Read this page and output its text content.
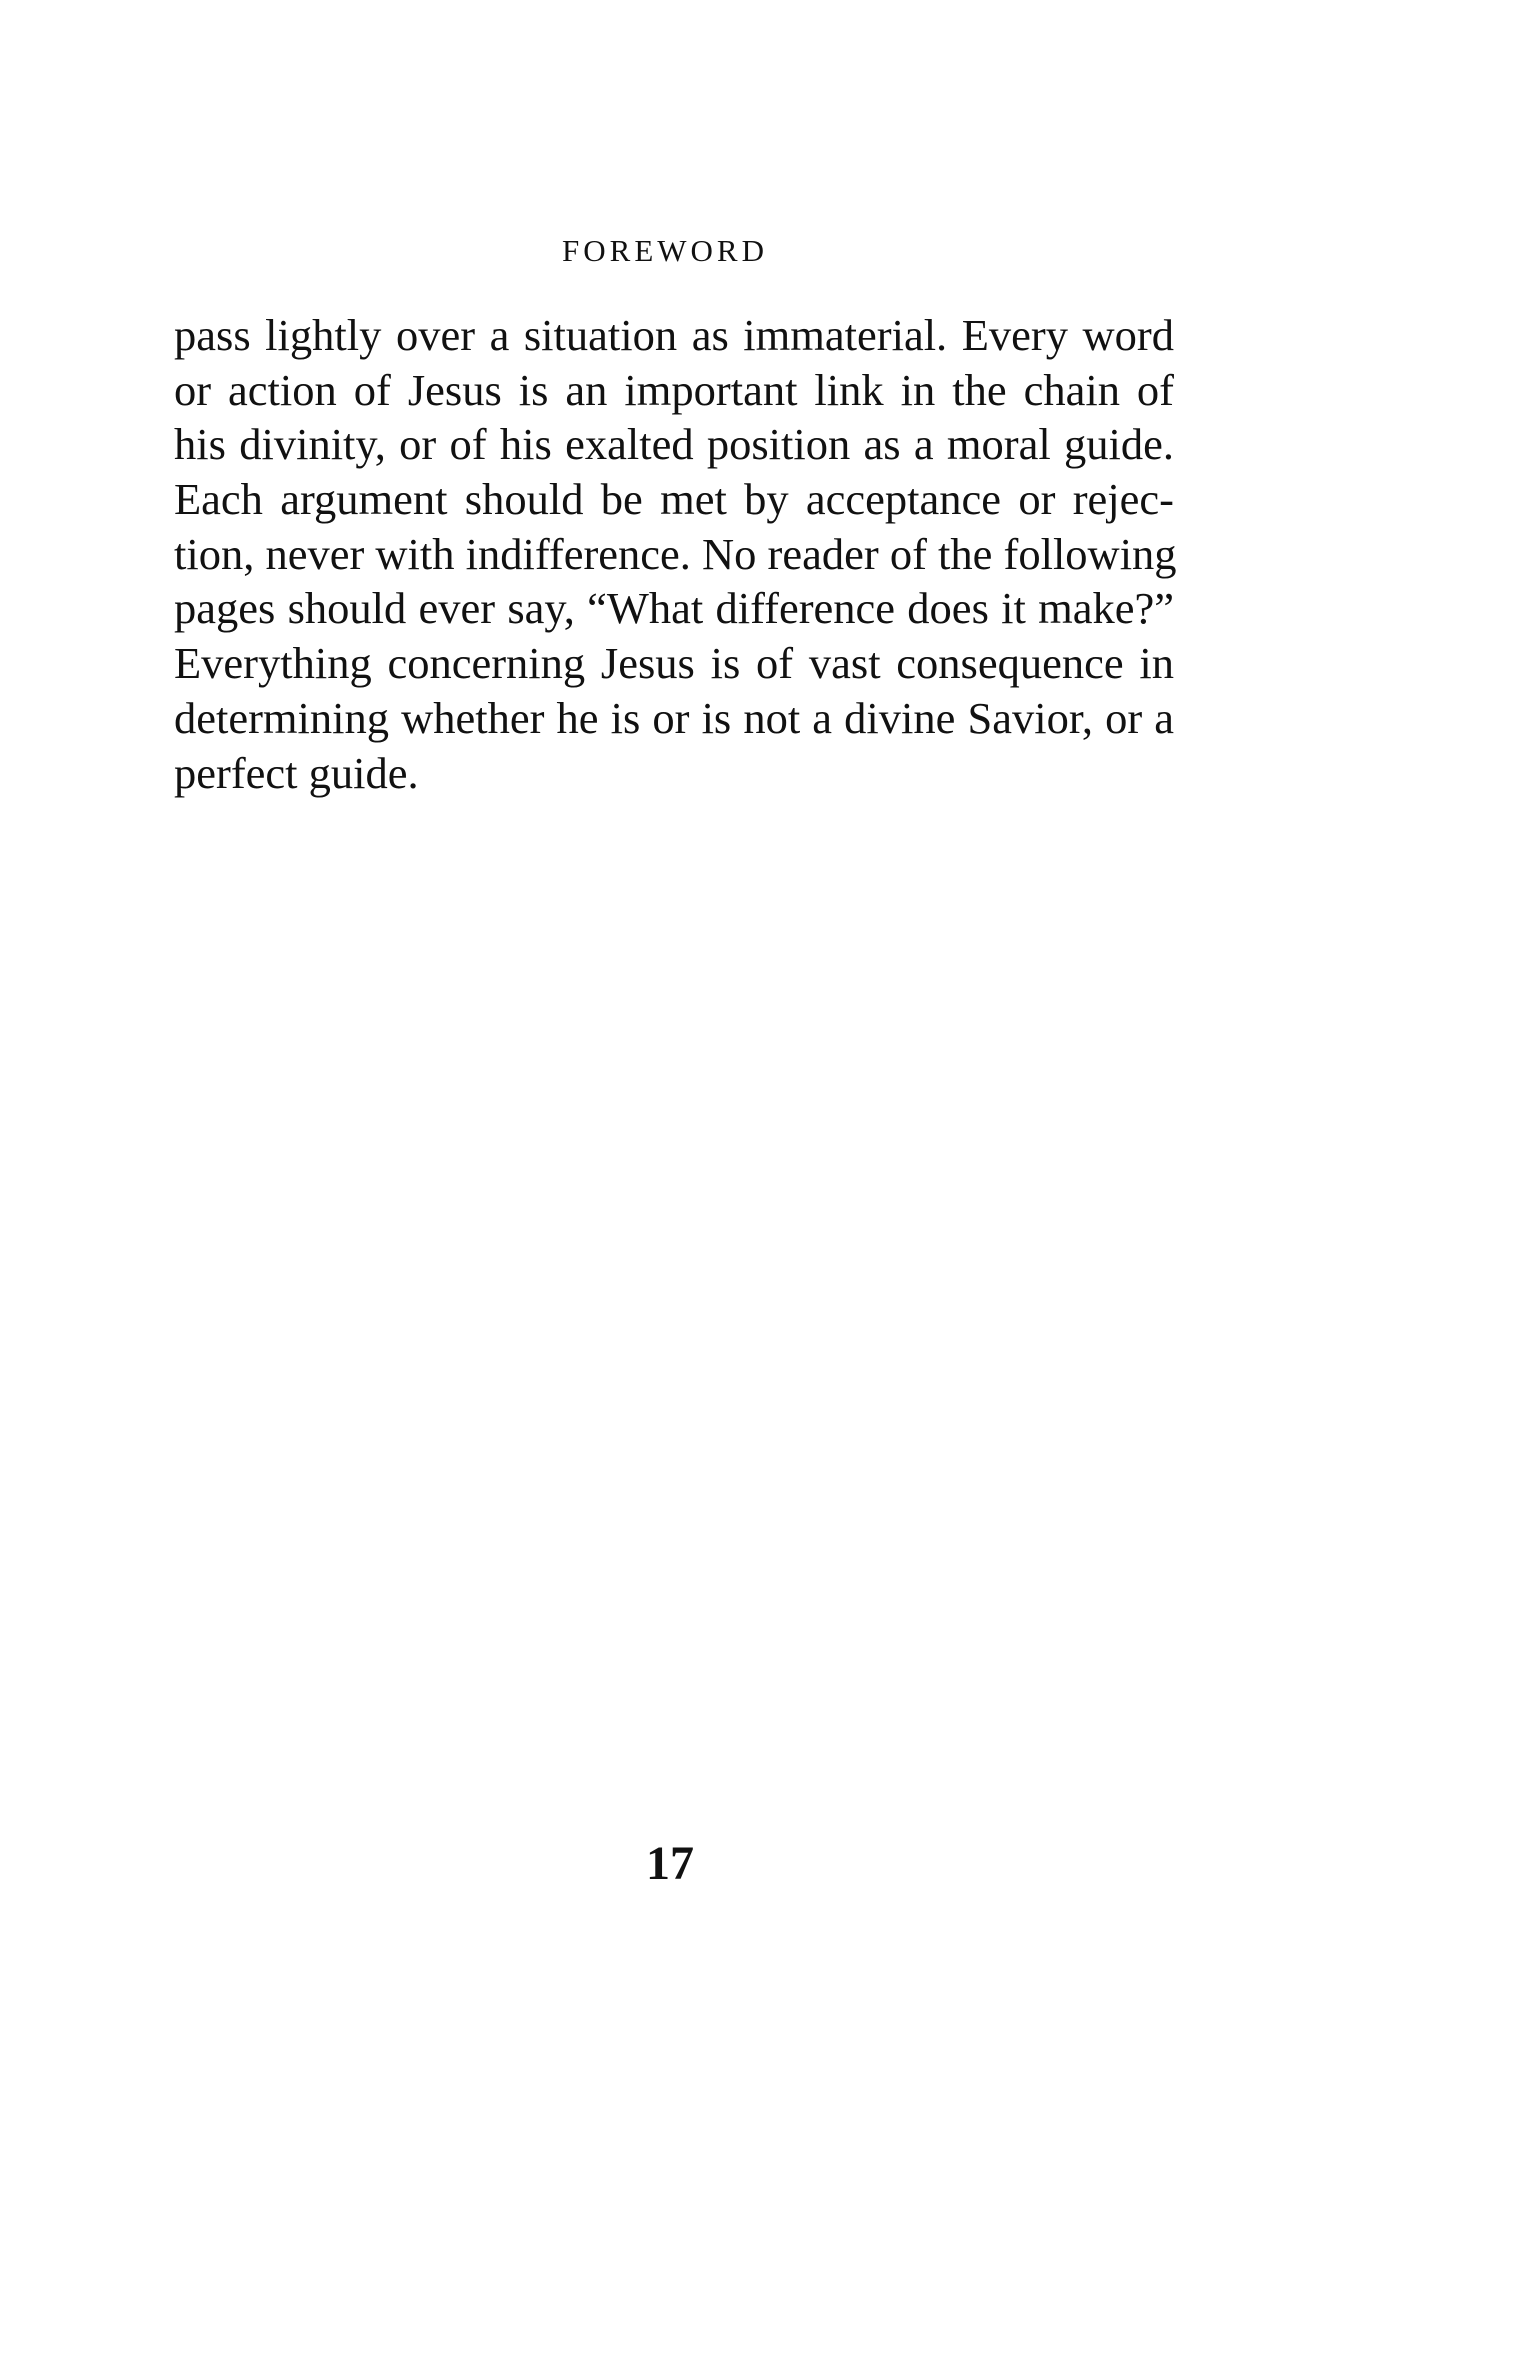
FOREWORD
pass lightly over a situation as immaterial. Every word
or action of Jesus is an important link in the chain of
his divinity, or of his exalted position as a moral guide.
Each argument should be met by acceptance or rejec-
tion, never with indifference. No reader of the following
pages should ever say, “What difference does it make?”
Everything concerning Jesus is of vast consequence in
determining whether he is or is not a divine Savior, or a
perfect guide.
17
